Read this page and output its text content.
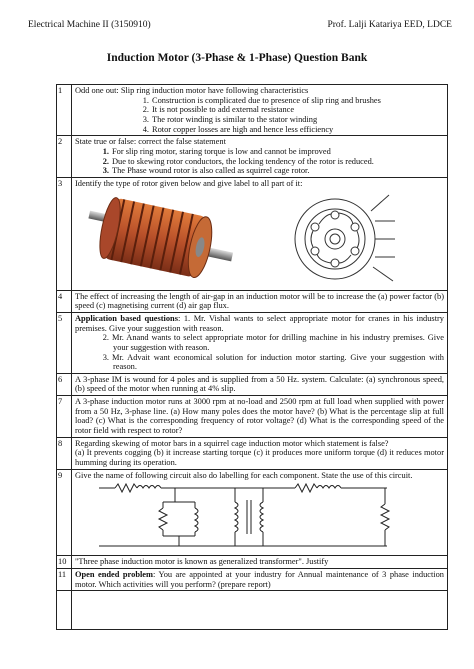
Electrical Machine II (3150910)	Prof. Lalji Katariya EED, LDCE
Induction Motor (3-Phase & 1-Phase) Question Bank
1	Odd one out: Slip ring induction motor have following characteristics
1. Construction is complicated due to presence of slip ring and brushes
2. It is not possible to add external resistance
3. The rotor winding is similar to the stator winding
4. Rotor copper losses are high and hence less efficiency

2	State true or false: correct the false statement
1. For slip ring motor, staring torque is low and cannot be improved
2. Due to skewing rotor conductors, the locking tendency of the rotor is reduced.
3. The Phase wound rotor is also called as squirrel cage rotor.

3	Identify the type of rotor given below and give label to all part of it:

4	The effect of increasing the length of air-gap in an induction motor will be to increase the (a) power factor (b) speed (c) magnetising current (d) air gap flux.
5	Application based questions: 1. Mr. Vishal wants to select appropriate motor for cranes in his industry premises. Give your suggestion with reason.
2. Mr. Anand wants to select appropriate motor for drilling machine in his industry premises. Give your suggestion with reason.
3. Mr. Advait want economical solution for induction motor starting. Give your suggestion with reason.

6	A 3-phase IM is wound for 4 poles and is supplied from a 50 Hz. system. Calculate: (a) synchronous speed, (b) speed of the motor when running at 4% slip.
7	A 3-phase induction motor runs at 3000 rpm at no-load and 2500 rpm at full load when supplied with power from a 50 Hz, 3-phase line. (a) How many poles does the motor have? (b) What is the percentage slip at full load? (c) What is the corresponding frequency of rotor voltage? (d) What is the corresponding speed of the rotor field with respect to rotor?
8	Regarding skewing of motor bars in a squirrel cage induction motor which statement is false?
(a) It prevents cogging (b) it increase starting torque (c) it produces more uniform torque (d) it reduces motor humming during its operation.

9	Give the name of following circuit also do labelling for each component. State the use of this circuit.

10	"Three phase induction motor is known as generalized transformer". Justify
11	Open ended problem: You are appointed at your industry for Annual maintenance of 3 phase induction motor. Which activities will you perform? (prepare report)
